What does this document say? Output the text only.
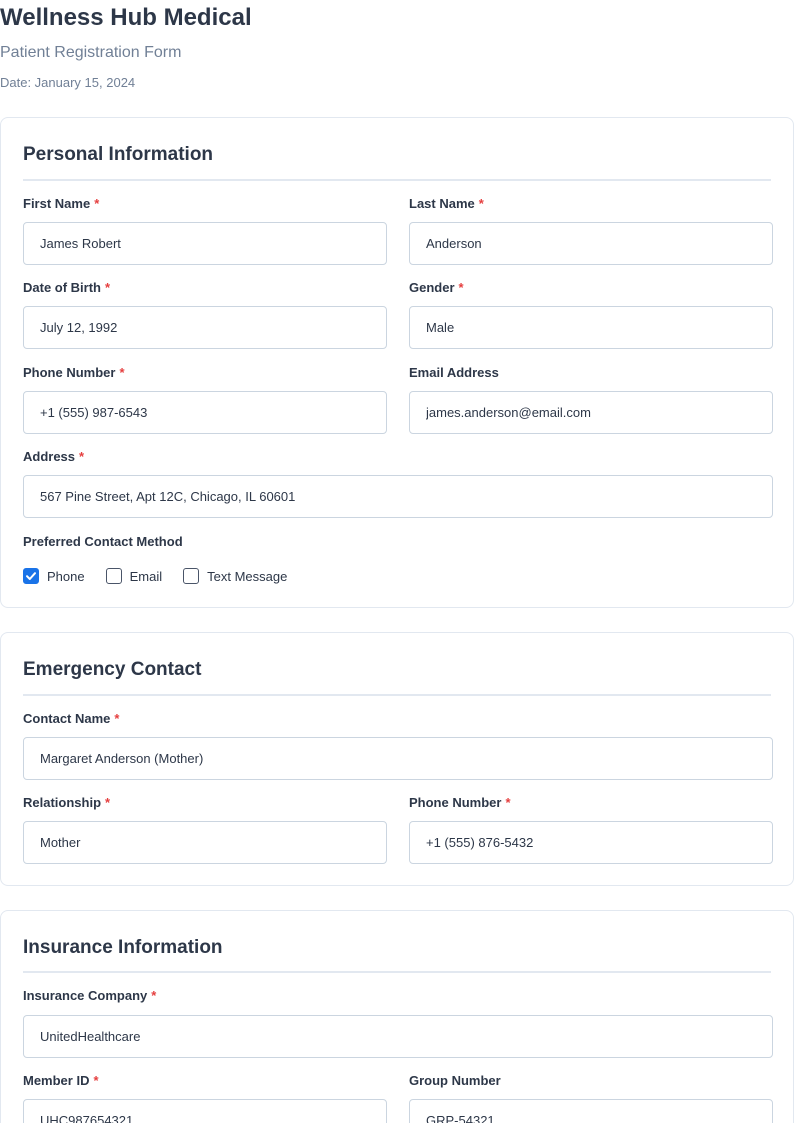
Wellness Hub Medical
Patient Registration Form
Date: January 15, 2024
Personal Information
First Name *
James Robert	Last Name *
Anderson
Date of Birth *
July 12, 1992	Gender *
Male
Phone Number *
+1 (555) 987-6543	Email Address
james.anderson@email.com
Address *
567 Pine Street, Apt 12C, Chicago, IL 60601
Preferred Contact Method
Phone	Email	Text Message
Emergency Contact
Contact Name *
Margaret Anderson (Mother)
Relationship *
Mother	Phone Number *
+1 (555) 876-5432
Insurance Information
Insurance Company *
UnitedHealthcare
Member ID *
UHC987654321	Group Number
GRP-54321
